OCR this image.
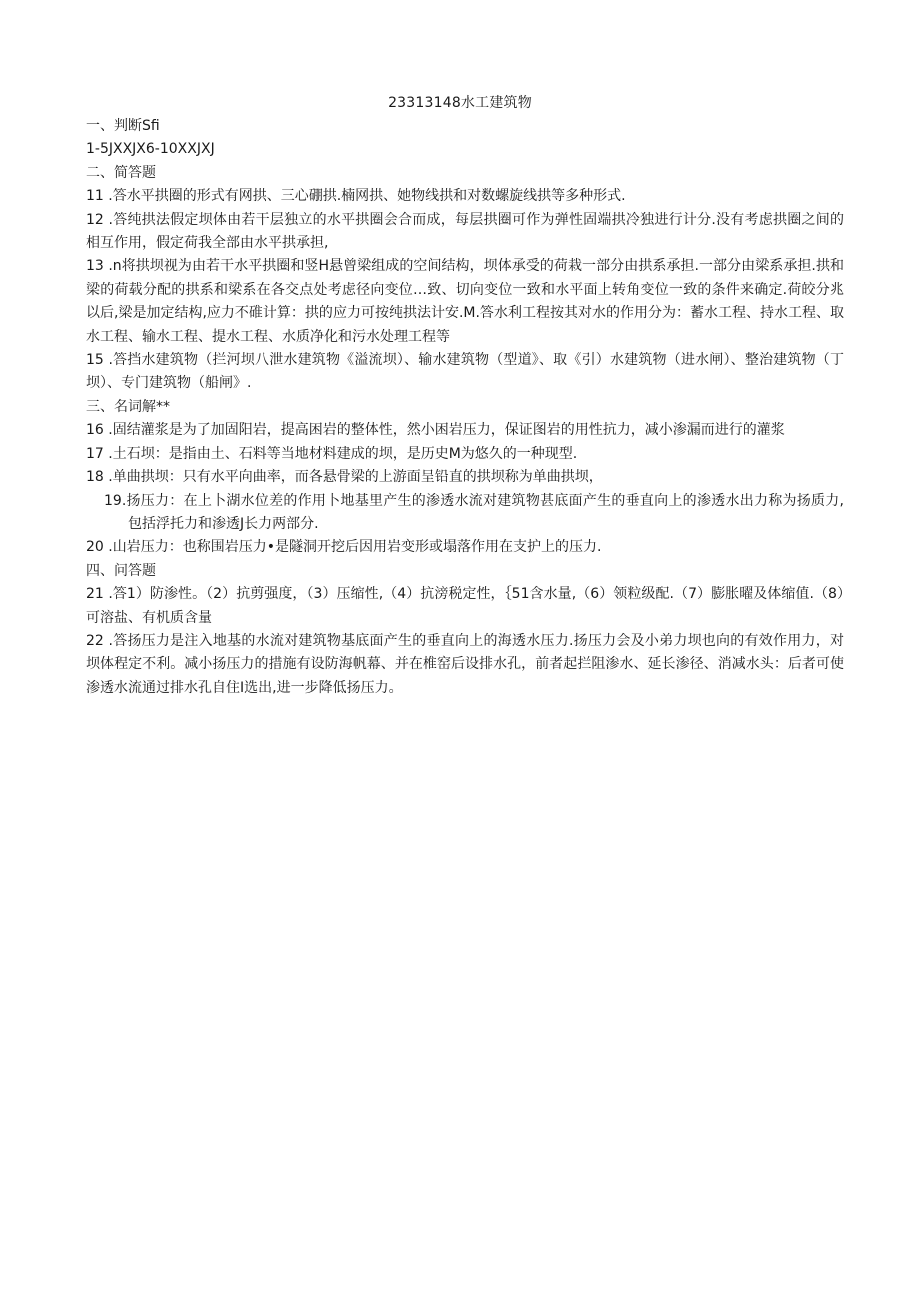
23313148水工建筑物
一、判断Sfi
1-5JXXJX6-10XXJXJ
二、简答题
11 .答水平拱圈的形式有网拱、三心硼拱.楠网拱、她物线拱和对数螺旋线拱等多种形式.
12 .答纯拱法假定坝体由若干层独立的水平拱圈会合而成，每层拱圈可作为弹性固端拱冷独进行计分.没有考虑拱圈之间的相互作用，假定荷我全部由水平拱承担,
13 .n将拱坝视为由若干水平拱圈和竖H悬曾梁组成的空间结构，坝体承受的荷栽一部分由拱系承担.一部分由梁系承担.拱和梁的荷载分配的拱系和梁系在各交点处考虑径向变位…致、切向变位一致和水平面上转角变位一致的条件来确定.荷皎分兆以后,梁是加定结构,应力不碓计算：拱的应力可按纯拱法计安.M.答水利工程按其对水的作用分为：蓄水工程、持水工程、取水工程、输水工程、提水工程、水质净化和污水处理工程等
15 .答挡水建筑物（拦河坝八泄水建筑物《溢流坝）、输水建筑物（型道》、取《引）水建筑物（进水闸）、整治建筑物（丁坝）、专门建筑物（船闸》.
三、名词解**
16 .固结灌浆是为了加固阳岩，提高困岩的整体性，然小困岩压力，保证图岩的用性抗力，减小渗漏而进行的灌浆
17 .土石坝：是指由土、石料等当地材料建成的坝，是历史M为悠久的一种现型.
18 .单曲拱坝：只有水平向曲率，而各悬骨梁的上游面呈铅直的拱坝称为单曲拱坝，
19.扬压力：在上卜湖水位差的作用卜地基里产生的渗透水流对建筑物甚底面产生的垂直向上的渗透水出力称为扬质力,包括浮托力和渗透J长力两部分.
20 .山岩压力：也称围岩压力•是隧洞开挖后因用岩变形或塌落作用在支护上的压力.
四、问答题
21 .答1）防渗性。（2）抗剪强度，（3）压缩性,（4）抗滂税定性，｛51含水量,（6）领粒级配.（7）膨胀曜及体缩值.（8）可溶盐、有机质含量
22 .答扬压力是注入地基的水流对建筑物基底面产生的垂直向上的海透水压力.扬压力会及小弟力坝也向的有效作用力，对坝体程定不利。减小扬压力的措施有设防海帆幕、并在椎窑后设排水孔，前者起拦阻渗水、延长渗径、消减水头：后者可使渗透水流通过排水孔自住I选出,进一步降低扬压力。
